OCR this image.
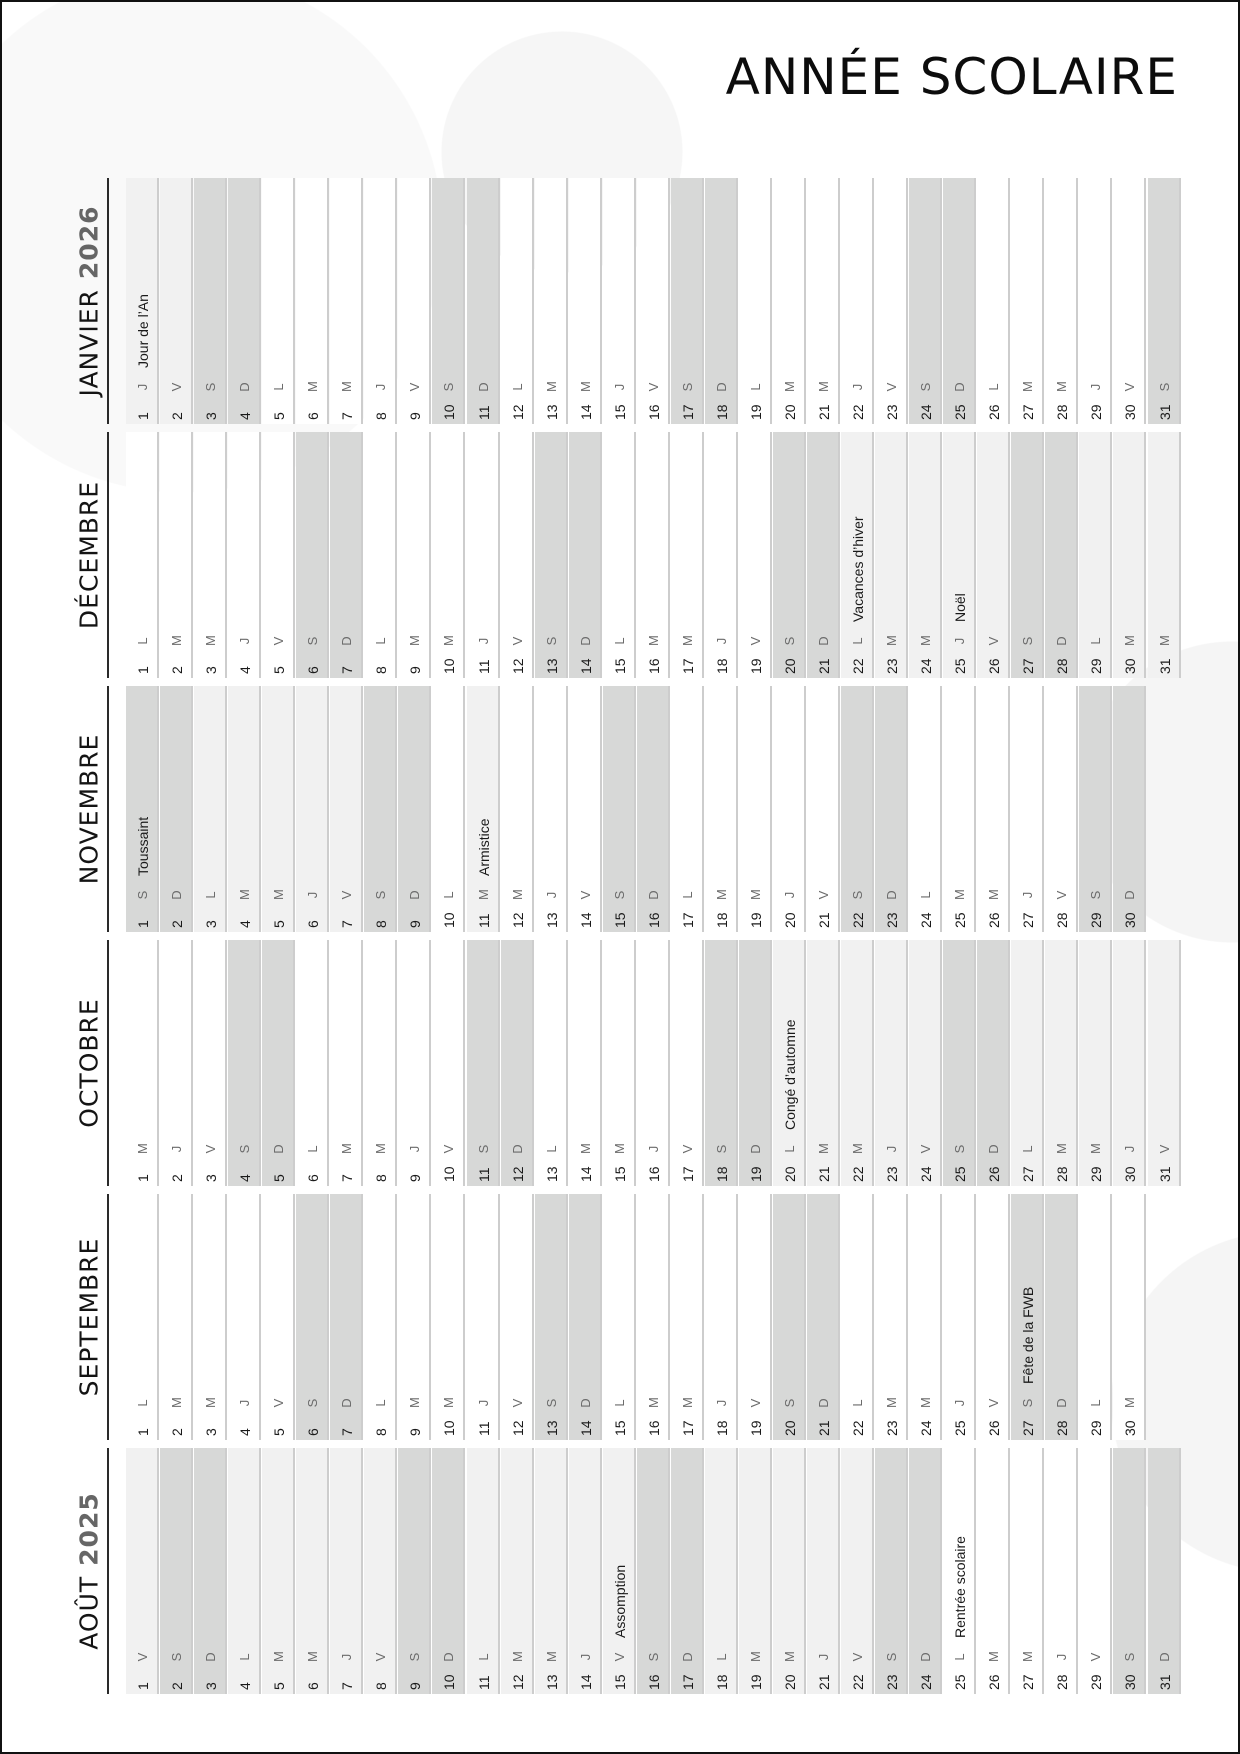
ANNÉE SCOLAIRE
JANVIER2026
1
J
Jour de l’An
2
V
3
S
4
D
5
L
6
M
7
M
8
J
9
V
10
S
11
D
12
L
13
M
14
M
15
J
16
V
17
S
18
D
19
L
20
M
21
M
22
J
23
V
24
S
25
D
26
L
27
M
28
M
29
J
30
V
31
S
DÉCEMBRE
1
L
2
M
3
M
4
J
5
V
6
S
7
D
8
L
9
M
10
M
11
J
12
V
13
S
14
D
15
L
16
M
17
M
18
J
19
V
20
S
21
D
22
L
Vacances d’hiver
23
M
24
M
25
J
Noël
26
V
27
S
28
D
29
L
30
M
31
M
NOVEMBRE
1
S
Toussaint
2
D
3
L
4
M
5
M
6
J
7
V
8
S
9
D
10
L
11
M
Armistice
12
M
13
J
14
V
15
S
16
D
17
L
18
M
19
M
20
J
21
V
22
S
23
D
24
L
25
M
26
M
27
J
28
V
29
S
30
D
OCTOBRE
1
M
2
J
3
V
4
S
5
D
6
L
7
M
8
M
9
J
10
V
11
S
12
D
13
L
14
M
15
M
16
J
17
V
18
S
19
D
20
L
Congé d’automne
21
M
22
M
23
J
24
V
25
S
26
D
27
L
28
M
29
M
30
J
31
V
SEPTEMBRE
1
L
2
M
3
M
4
J
5
V
6
S
7
D
8
L
9
M
10
M
11
J
12
V
13
S
14
D
15
L
16
M
17
M
18
J
19
V
20
S
21
D
22
L
23
M
24
M
25
J
26
V
27
S
Fête de la FWB
28
D
29
L
30
M
AOÛT2025
1
V
2
S
3
D
4
L
5
M
6
M
7
J
8
V
9
S
10
D
11
L
12
M
13
M
14
J
15
V
Assomption
16
S
17
D
18
L
19
M
20
M
21
J
22
V
23
S
24
D
25
L
Rentrée scolaire
26
M
27
M
28
J
29
V
30
S
31
D
